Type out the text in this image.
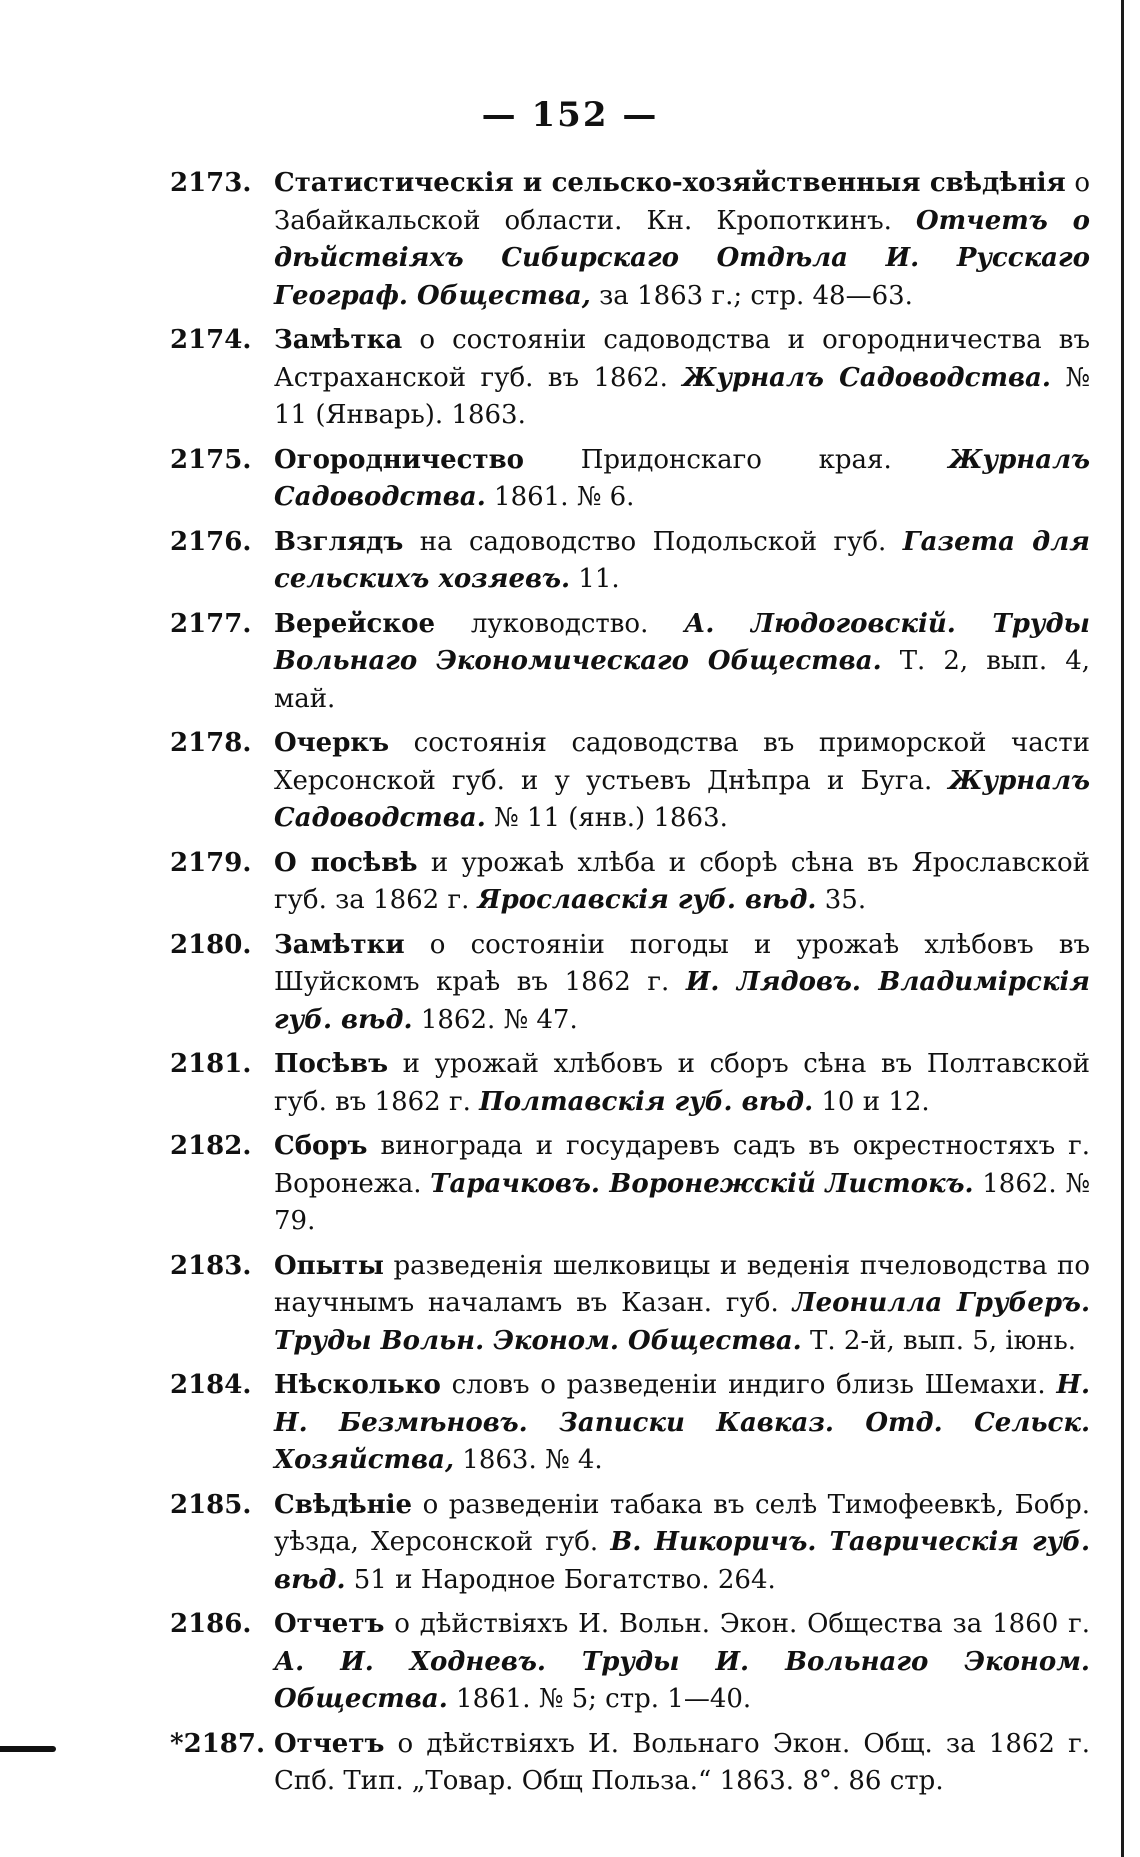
— 152 —
2173. Статистическія и сельско-хозяйственныя свѣдѣнія о Забайкальской области. Кн. Кропоткинъ. Отчетъ о дѣйствіяхъ Сибирскаго Отдѣла И. Русскаго Географ. Общества, за 1863 г.; стр. 48—63.
2174. Замѣтка о состояніи садоводства и огородничества въ Астраханской губ. въ 1862. Журналъ Садоводства. № 11 (Январь). 1863.
2175. Огородничество Придонскаго края. Журналъ Садоводства. 1861. № 6.
2176. Взглядъ на садоводство Подольской губ. Газета для сельскихъ хозяевъ. 11.
2177. Верейское луководство. А. Людоговскій. Труды Вольнаго Экономическаго Общества. Т. 2, вып. 4, май.
2178. Очеркъ состоянія садоводства въ приморской части Херсонской губ. и у устьевъ Днѣпра и Буга. Журналъ Садоводства. № 11 (янв.) 1863.
2179. О посѣвѣ и урожаѣ хлѣба и сборѣ сѣна въ Ярославской губ. за 1862 г. Ярославскія губ. вѣд. 35.
2180. Замѣтки о состояніи погоды и урожаѣ хлѣбовъ въ Шуйскомъ краѣ въ 1862 г. И. Лядовъ. Владимірскія губ. вѣд. 1862. № 47.
2181. Посѣвъ и урожай хлѣбовъ и сборъ сѣна въ Полтавской губ. въ 1862 г. Полтавскія губ. вѣд. 10 и 12.
2182. Сборъ винограда и государевъ садъ въ окрестностяхъ г. Воронежа. Тарачковъ. Воронежскій Листокъ. 1862. № 79.
2183. Опыты разведенія шелковицы и веденія пчеловодства по научнымъ началамъ въ Казан. губ. Леонилла Груберъ. Труды Вольн. Эконом. Общества. Т. 2-й, вып. 5, іюнь.
2184. Нѣсколько словъ о разведеніи индиго близь Шемахи. Н. Н. Безмѣновъ. Записки Кавказ. Отд. Сельск. Хозяйства, 1863. № 4.
2185. Свѣдѣніе о разведеніи табака въ селѣ Тимофеевкѣ, Бобр. уѣзда, Херсонской губ. В. Никоричъ. Таврическія губ. вѣд. 51 и Народное Богатство. 264.
2186. Отчетъ о дѣйствіяхъ И. Вольн. Экон. Общества за 1860 г. А. И. Ходневъ. Труды И. Вольнаго Эконом. Общества. 1861. № 5; стр. 1—40.
*2187. Отчетъ о дѣйствіяхъ И. Вольнаго Экон. Общ. за 1862 г. Спб. Тип. „Товар. Общ Польза.“ 1863. 8°. 86 стр.
